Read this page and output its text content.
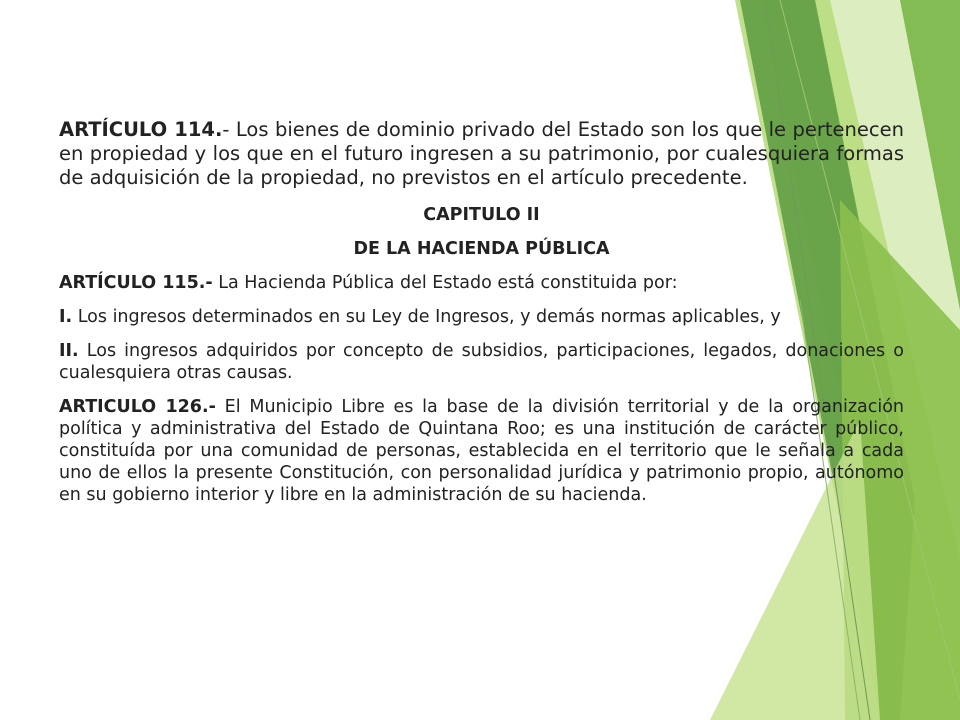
ARTÍCULO 114.- Los bienes de dominio privado del Estado son los que le pertenecen en propiedad y los que en el futuro ingresen a su patrimonio, por cualesquiera formas de adquisición de la propiedad, no previstos en el artículo precedente.

CAPITULO II

DE LA HACIENDA PÚBLICA

ARTÍCULO 115.- La Hacienda Pública del Estado está constituida por:

I. Los ingresos determinados en su Ley de Ingresos, y demás normas aplicables, y

II. Los ingresos adquiridos por concepto de subsidios, participaciones, legados, donaciones o cualesquiera otras causas.

ARTICULO 126.- El Municipio Libre es la base de la división territorial y de la organización política y administrativa del Estado de Quintana Roo; es una institución de carácter público, constituída por una comunidad de personas, establecida en el territorio que le señala a cada uno de ellos la presente Constitución, con personalidad jurídica y patrimonio propio, autónomo en su gobierno interior y libre en la administración de su hacienda.
